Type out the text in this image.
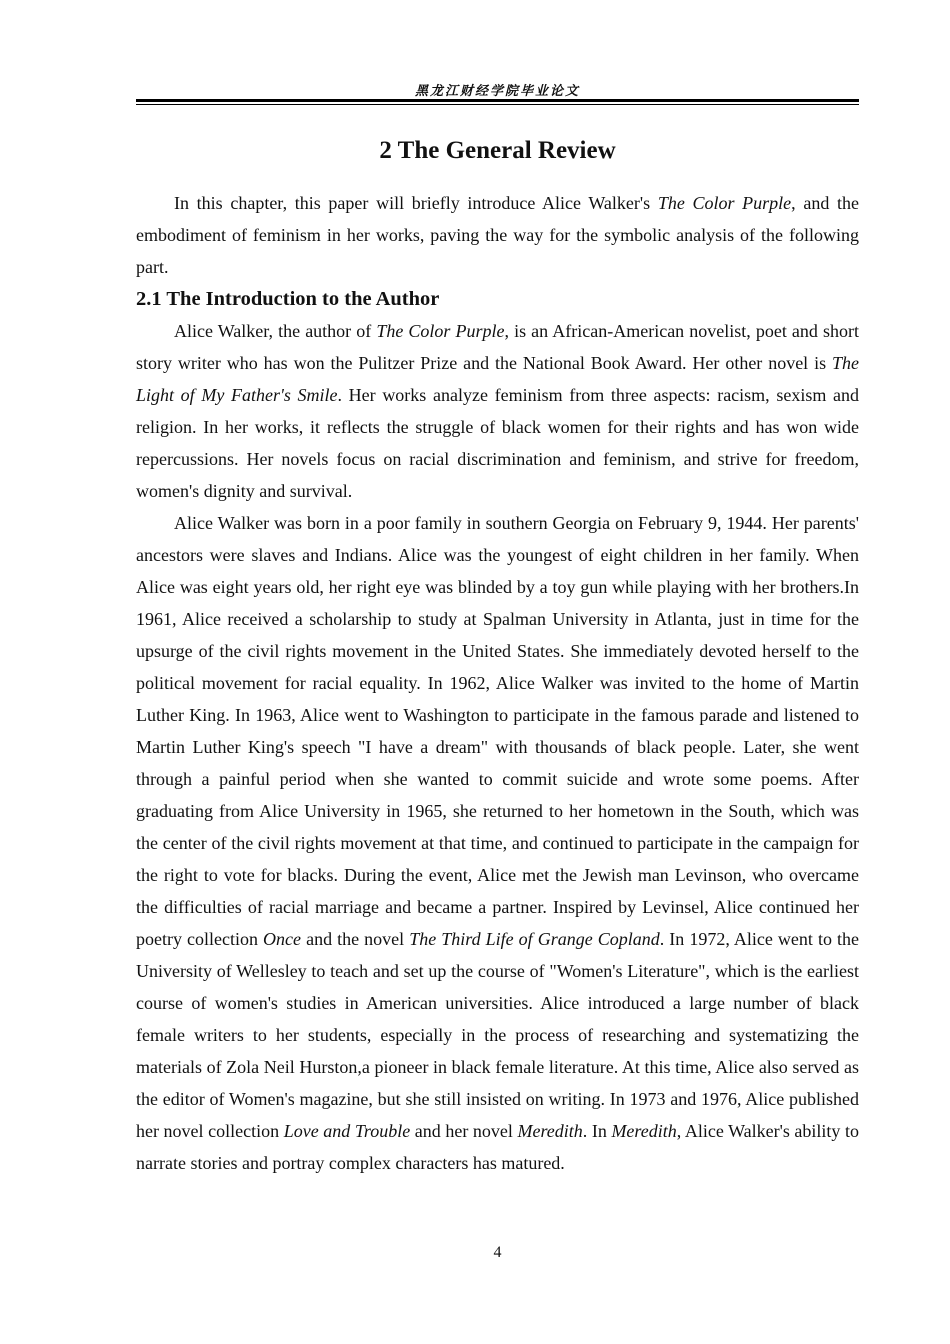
黑龙江财经学院毕业论文
2 The General Review

In this chapter, this paper will briefly introduce Alice Walker's The Color Purple, and the embodiment of feminism in her works, paving the way for the symbolic analysis of the following part.

2.1 The Introduction to the Author

Alice Walker, the author of The Color Purple, is an African-American novelist, poet and short story writer who has won the Pulitzer Prize and the National Book Award. Her other novel is The Light of My Father's Smile. Her works analyze feminism from three aspects: racism, sexism and religion. In her works, it reflects the struggle of black women for their rights and has won wide repercussions. Her novels focus on racial discrimination and feminism, and strive for freedom, women's dignity and survival.

Alice Walker was born in a poor family in southern Georgia on February 9, 1944. Her parents' ancestors were slaves and Indians. Alice was the youngest of eight children in her family. When Alice was eight years old, her right eye was blinded by a toy gun while playing with her brothers.In 1961, Alice received a scholarship to study at Spalman University in Atlanta, just in time for the upsurge of the civil rights movement in the United States. She immediately devoted herself to the political movement for racial equality. In 1962, Alice Walker was invited to the home of Martin Luther King. In 1963, Alice went to Washington to participate in the famous parade and listened to Martin Luther King's speech "I have a dream" with thousands of black people. Later, she went through a painful period when she wanted to commit suicide and wrote some poems. After graduating from Alice University in 1965, she returned to her hometown in the South, which was the center of the civil rights movement at that time, and continued to participate in the campaign for the right to vote for blacks. During the event, Alice met the Jewish man Levinson, who overcame the difficulties of racial marriage and became a partner. Inspired by Levinsel, Alice continued her poetry collection Once and the novel The Third Life of Grange Copland. In 1972, Alice went to the University of Wellesley to teach and set up the course of "Women's Literature", which is the earliest course of women's studies in American universities. Alice introduced a large number of black female writers to her students, especially in the process of researching and systematizing the materials of Zola Neil Hurston,a pioneer in black female literature. At this time, Alice also served as the editor of Women's magazine, but she still insisted on writing. In 1973 and 1976, Alice published her novel collection Love and Trouble and her novel Meredith. In Meredith, Alice Walker's ability to narrate stories and portray complex characters has matured.

4
